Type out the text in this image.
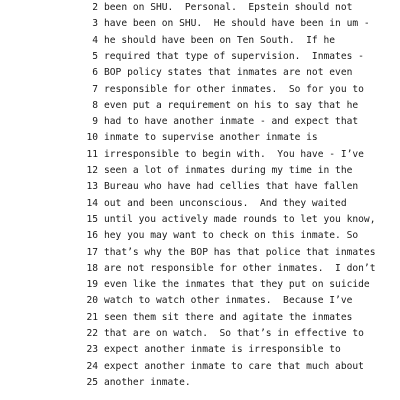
2 been on SHU.  Personal.  Epstein should not
3 have been on SHU.  He should have been in um -
4 he should have been on Ten South.  If he
5 required that type of supervision.  Inmates -
6 BOP policy states that inmates are not even
7 responsible for other inmates.  So for you to
8 even put a requirement on his to say that he
9 had to have another inmate - and expect that
10 inmate to supervise another inmate is
11 irresponsible to begin with.  You have - I’ve
12 seen a lot of inmates during my time in the
13 Bureau who have had cellies that have fallen
14 out and been unconscious.  And they waited
15 until you actively made rounds to let you know,
16 hey you may want to check on this inmate. So
17 that’s why the BOP has that police that inmates
18 are not responsible for other inmates.  I don’t
19 even like the inmates that they put on suicide
20 watch to watch other inmates.  Because I’ve
21 seen them sit there and agitate the inmates
22 that are on watch.  So that’s in effective to
23 expect another inmate is irresponsible to
24 expect another inmate to care that much about
25 another inmate.
